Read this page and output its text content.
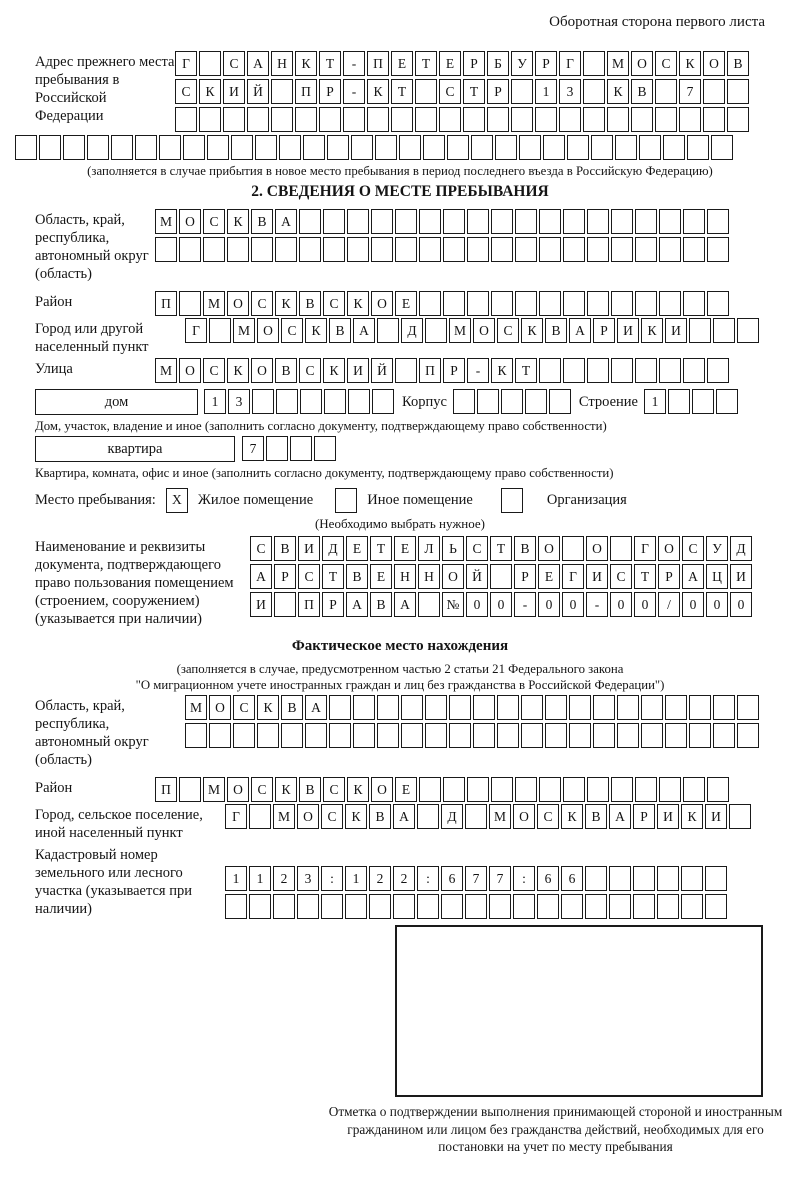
Оборотная сторона первого листа
Адрес прежнего места пребывания в Российской Федерации
Г	С	А	Н	К	Т	-	П	Е	Т	Е	Р	Б	У	Р	Г	М О	С	К	О	В
С	К	И	Й	П	Р	-	К	Т	С	Т	Р	1	3	К	В	7
(заполняется в случае прибытия в новое место пребывания в период последнего въезда в Российскую Федерацию)
2. СВЕДЕНИЯ О МЕСТЕ ПРЕБЫВАНИЯ
Область, край, республика, автономный округ (область)
М О	С	К	В	А
Район	П	М О	С	К	В	С	К	О	Е
Город или другой населенный пункт
Г	М О	С	К	В	А	Д	М О	С	К	В	А	Р	И	К	И
Улица	М О	С	К	О	В	С	К	И	Й	П	Р	-	К	Т
дом	1	3	Корпус	Строение	1
Дом, участок, владение и иное (заполнить согласно документу, подтверждающему право собственности)
квартира	7
Квартира, комната, офис и иное (заполнить согласно документу, подтверждающему право собственности)
Место пребывания: X Жилое помещение	Иное помещение	Организация
(Необходимо выбрать нужное)
Наименование и реквизиты документа, подтверждающего право пользования помещением (строением, сооружением) (указывается при наличии)
С	В	И	Д	Е	Т	Е	Л	Ь	С	Т	В	О	О	Г	О	С	У	Д
А	Р	С	Т	В	Е	Н	Н	О	Й	Р	Е	Г	И	С	Т	Р	А	Ц	И
И	П	Р	А	В	А	№	0	0	-	0	0	-	0	0	/	0	0	0
Фактическое место нахождения
(заполняется в случае, предусмотренном частью 2 статьи 21 Федерального закона
"О миграционном учете иностранных граждан и лиц без гражданства в Российской Федерации")
Область, край, республика, автономный округ (область)
М О	С	К	В	А
Район	П	М О	С	К	В	С	К	О	Е
Город, сельское поселение, иной населенный пункт
Г	М О	С	К	В	А	Д	М О	С	К	В	А	Р	И	К	И
Кадастровый номер земельного или лесного участка (указывается при наличии)
1	1	2	3	:	1	2	2	:	6	7	7	:	6	6
Отметка о подтверждении выполнения принимающей стороной и иностранным гражданином или лицом без гражданства действий, необходимых для его постановки на учет по месту пребывания
